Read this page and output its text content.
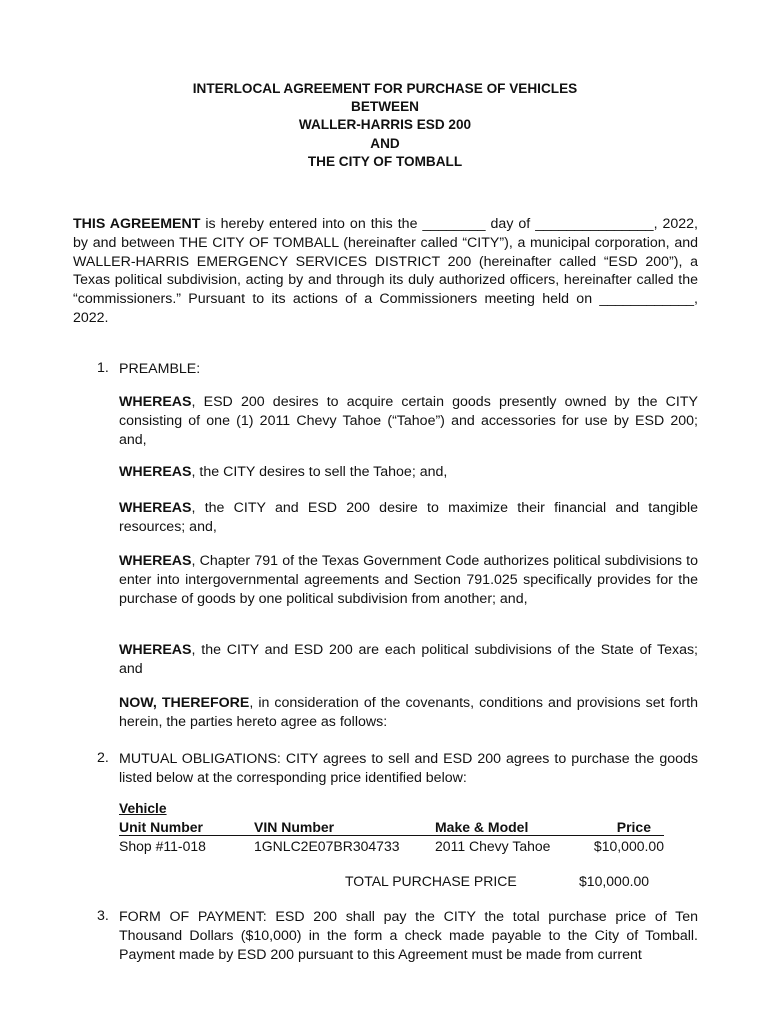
INTERLOCAL AGREEMENT FOR PURCHASE OF VEHICLES
BETWEEN
WALLER-HARRIS ESD 200
AND
THE CITY OF TOMBALL
THIS AGREEMENT is hereby entered into on this the ________ day of _______________, 2022, by and between THE CITY OF TOMBALL (hereinafter called “CITY”), a municipal corporation, and WALLER-HARRIS EMERGENCY SERVICES DISTRICT 200 (hereinafter called “ESD 200”), a Texas political subdivision, acting by and through its duly authorized officers, hereinafter called the “commissioners.” Pursuant to its actions of a Commissioners meeting held on ____________, 2022.
1. PREAMBLE:
WHEREAS, ESD 200 desires to acquire certain goods presently owned by the CITY consisting of one (1) 2011 Chevy Tahoe (“Tahoe”) and accessories for use by ESD 200; and,
WHEREAS, the CITY desires to sell the Tahoe; and,
WHEREAS, the CITY and ESD 200 desire to maximize their financial and tangible resources; and,
WHEREAS, Chapter 791 of the Texas Government Code authorizes political subdivisions to enter into intergovernmental agreements and Section 791.025 specifically provides for the purchase of goods by one political subdivision from another; and,
WHEREAS, the CITY and ESD 200 are each political subdivisions of the State of Texas; and
NOW, THEREFORE, in consideration of the covenants, conditions and provisions set forth herein, the parties hereto agree as follows:
2. MUTUAL OBLIGATIONS: CITY agrees to sell and ESD 200 agrees to purchase the goods listed below at the corresponding price identified below:
Vehicle
Unit Number	VIN Number	Make & Model	Price
Shop #11-018	1GNLC2E07BR304733	2011 Chevy Tahoe	$10,000.00
TOTAL PURCHASE PRICE	$10,000.00
3. FORM OF PAYMENT: ESD 200 shall pay the CITY the total purchase price of Ten Thousand Dollars ($10,000) in the form a check made payable to the City of Tomball. Payment made by ESD 200 pursuant to this Agreement must be made from current
